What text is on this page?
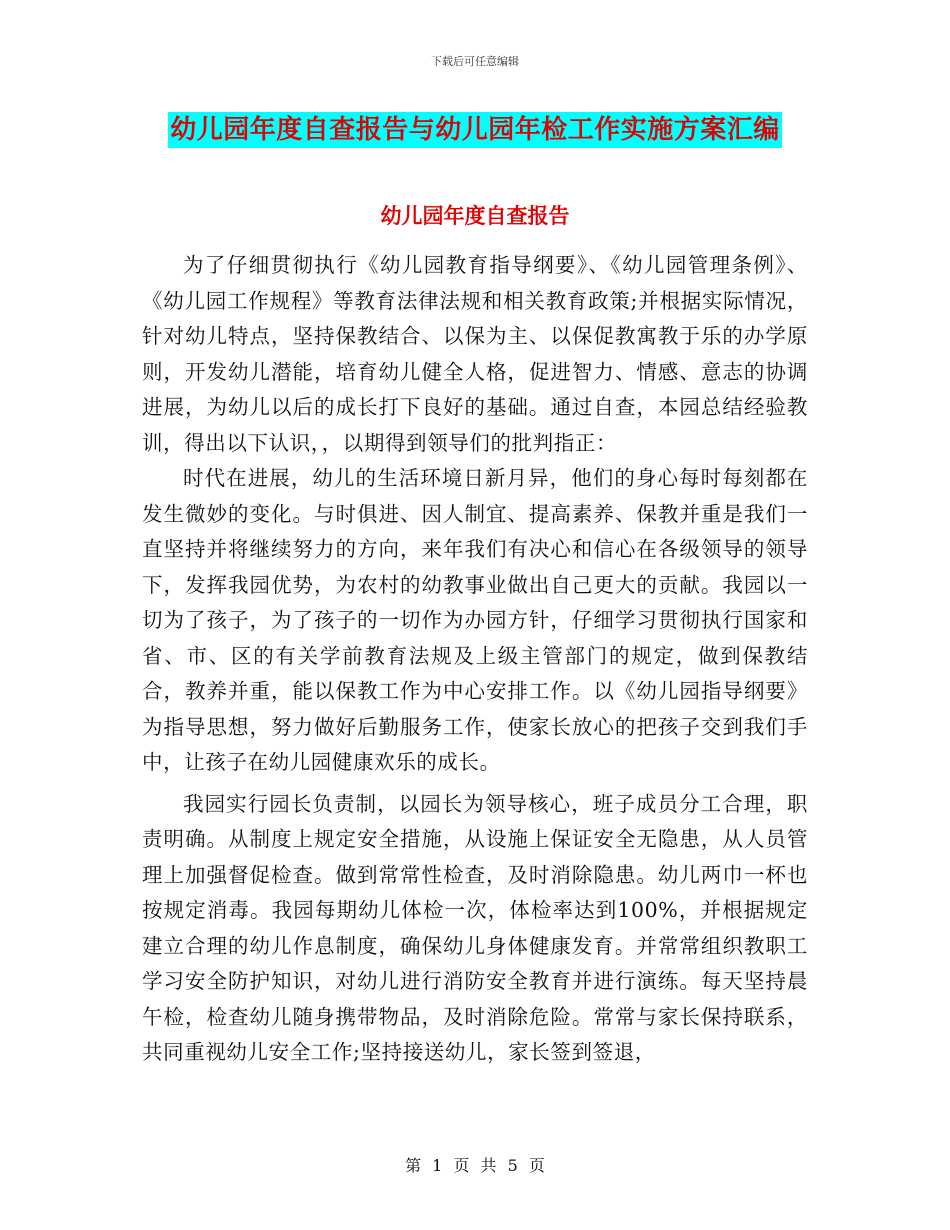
下载后可任意编辑
幼儿园年度自查报告与幼儿园年检工作实施方案汇编
幼儿园年度自查报告

为了仔细贯彻执行《幼儿园教育指导纲要》、《幼儿园管理条例》、《幼儿园工作规程》等教育法律法规和相关教育政策;并根据实际情况，针对幼儿特点，坚持保教结合、以保为主、以保促教寓教于乐的办学原则，开发幼儿潜能，培育幼儿健全人格，促进智力、情感、意志的协调进展，为幼儿以后的成长打下良好的基础。通过自查，本园总结经验教训，得出以下认识，，以期得到领导们的批判指正：

时代在进展，幼儿的生活环境日新月异，他们的身心每时每刻都在发生微妙的变化。与时俱进、因人制宜、提高素养、保教并重是我们一直坚持并将继续努力的方向，来年我们有决心和信心在各级领导的领导下，发挥我园优势，为农村的幼教事业做出自己更大的贡献。我园以一切为了孩子，为了孩子的一切作为办园方针，仔细学习贯彻执行国家和省、市、区的有关学前教育法规及上级主管部门的规定，做到保教结合，教养并重，能以保教工作为中心安排工作。以《幼儿园指导纲要》为指导思想，努力做好后勤服务工作，使家长放心的把孩子交到我们手中，让孩子在幼儿园健康欢乐的成长。

我园实行园长负责制，以园长为领导核心，班子成员分工合理，职责明确。从制度上规定安全措施，从设施上保证安全无隐患，从人员管理上加强督促检查。做到常常性检查，及时消除隐患。幼儿两巾一杯也按规定消毒。我园每期幼儿体检一次，体检率达到100%，并根据规定建立合理的幼儿作息制度，确保幼儿身体健康发育。并常常组织教职工学习安全防护知识，对幼儿进行消防安全教育并进行演练。每天坚持晨午检，检查幼儿随身携带物品，及时消除危险。常常与家长保持联系，共同重视幼儿安全工作;坚持接送幼儿，家长签到签退，

第 1 页 共 5 页
